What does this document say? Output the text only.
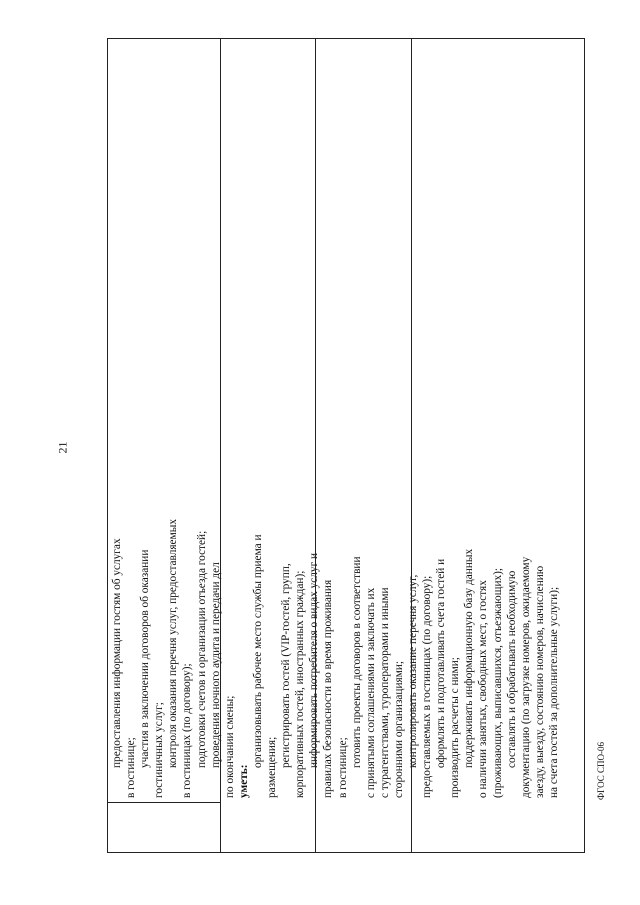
21
предоставления информации гостям об услугах в гостинице; участия в заключении договоров об оказании гостиничных услуг; контроля оказания перечня услуг, предоставляемых в гостиницах (по договору); подготовки счетов и организации отъезда гостей; проведения ночного аудита и передачи дел по окончании смены; уметь:
организовывать рабочее место службы приема и размещения; регистрировать гостей (VIP-гостей, групп, корпоративных гостей, иностранных граждан); информировать потребителя о видах услуг и правилах безопасности во время проживания в гостинице; готовить проекты договоров в соответствии с принятыми соглашениями и заключать их с турагентствами, туроператорами и иными сторонними организациями; контролировать оказание перечня услуг, предоставляемых в гостиницах (по договору); оформлять и подготавливать счета гостей и производить расчеты с ними; поддерживать информационную базу данных о наличии занятых, свободных мест, о гостях (проживающих, выписавшихся, отъезжающих); составлять и обрабатывать необходимую документацию (по загрузке номеров, ожидаемому заезду, выезду, состоянию номеров, начислению на счета гостей за дополнительные услуги);	ФГОС СПО-06
